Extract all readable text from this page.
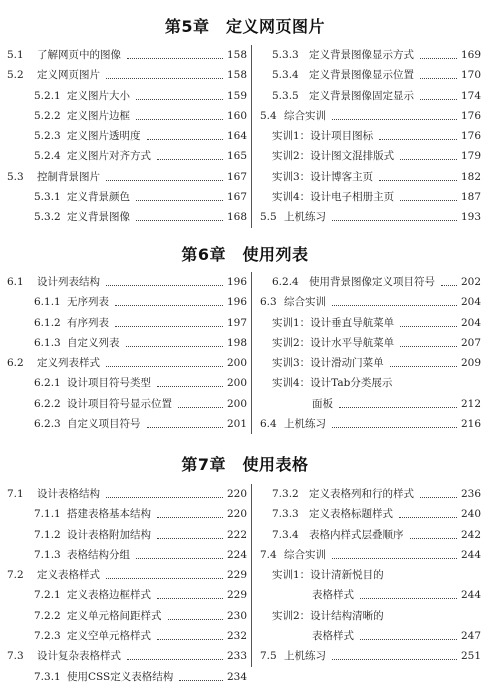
第5章　定义网页图片
5.1 了解网页中的图像	158
5.2 定义网页图片	158
5.2.1 定义图片大小	159
5.2.2 定义图片边框	160
5.2.3 定义图片透明度	164
5.2.4 定义图片对齐方式	165
5.3 控制背景图片	167
5.3.1 定义背景颜色	167
5.3.2 定义背景图像	168
5.3.3 定义背景图像显示方式	169
5.3.4 定义背景图像显示位置	170
5.3.5 定义背景图像固定显示	174
5.4 综合实训	176
实训1：设计项目图标	176
实训2：设计图文混排版式	179
实训3：设计博客主页	182
实训4：设计电子相册主页	187
5.5 上机练习	193
第6章　使用列表
6.1 设计列表结构	196
6.1.1 无序列表	196
6.1.2 有序列表	197
6.1.3 自定义列表	198
6.2 定义列表样式	200
6.2.1 设计项目符号类型	200
6.2.2 设计项目符号显示位置	200
6.2.3 自定义项目符号	201
6.2.4 使用背景图像定义项目符号 202
6.3 综合实训	204
实训1：设计垂直导航菜单	204
实训2：设计水平导航菜单	207
实训3：设计滑动门菜单	209
实训4：设计Tab分类展示
面板	212
6.4 上机练习	216
第7章　使用表格
7.1 设计表格结构	220
7.1.1 搭建表格基本结构	220
7.1.2 设计表格附加结构	222
7.1.3 表格结构分组	224
7.2 定义表格样式	229
7.2.1 定义表格边框样式	229
7.2.2 定义单元格间距样式	230
7.2.3 定义空单元格样式	232
7.3 设计复杂表格样式	233
7.3.1 使用CSS定义表格结构	234
7.3.2 定义表格列和行的样式	236
7.3.3 定义表格标题样式	240
7.3.4 表格内样式层叠顺序	242
7.4 综合实训	244
实训1：设计清新悦目的
表格样式	244
实训2：设计结构清晰的
表格样式	247
7.5 上机练习	251
